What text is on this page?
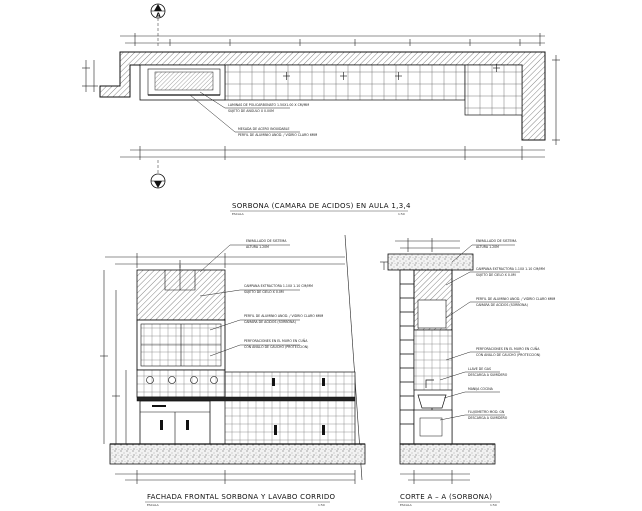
A
LAMINAS DE POLICARBONATO 1.50X1.00 X CM/MM
SUJETO DE ANGULO X 0.00M
MESADA DE ACERO INOXIDABLE
PERFIL DE ALUMINIO ANOD. / VIDRIO CLARO 6MM
SORBONA (CAMARA DE ACIDOS) EN AULA 1,3,4
ESCALA	1:50
ENMALLADO DE SISTEMA
ALTURA 1.20M
CAMPANA EXTRACTORA 1.10X 1.10 CM/MM
SUJETO DE CIELO X 0.0M
PERFIL DE ALUMINIO ANOD. / VIDRIO CLARO 6MM
CAMARA DE ACIDOS (SORBONA)
PERFORACIONES EN EL MURO EN CUÑA
CON ANILLO DE CAUCHO (PROTECCION)
FACHADA FRONTAL SORBONA Y LAVABO CORRIDO
ESCALA	1:50
ENMALLADO DE SISTEMA
ALTURA 1.20M
CAMPANA EXTRACTORA 1.10X 1.10 CM/MM
SUJETO DE CIELO X 0.0M
PERFIL DE ALUMINIO ANOD. / VIDRIO CLARO 6MM
CAMARA DE ACIDOS (SORBONA)
PERFORACIONES EN EL MURO EN CUÑA
CON ANILLO DE CAUCHO (PROTECCION)
LLAVE DE GAS
DESCARGA A SUMIDERO
MANIJA COCINA
FLUJOMETRO MOD. GN
DESCARGA A SUMIDERO
CORTE A – A (SORBONA)
ESCALA	1:50
